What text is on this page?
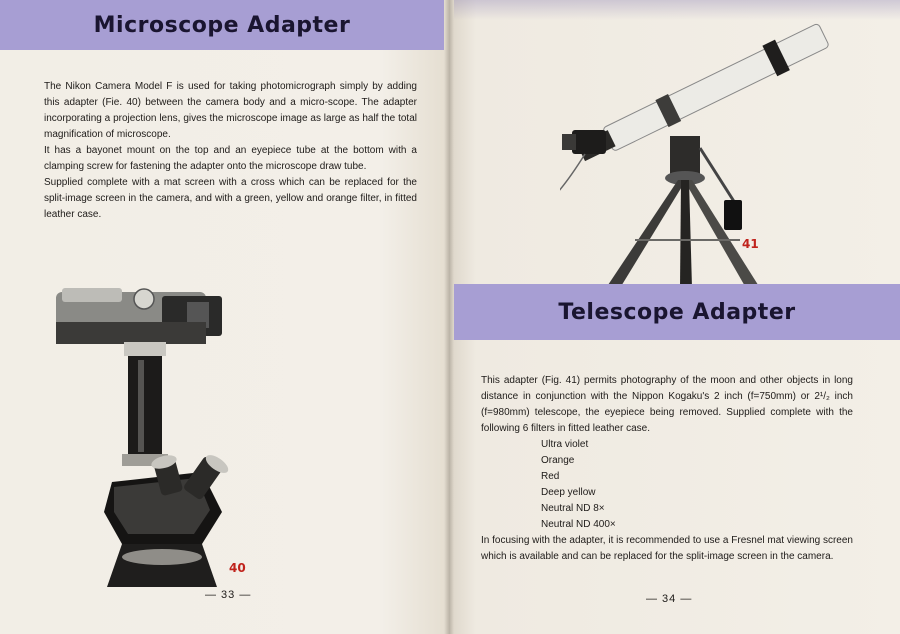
Microscope Adapter

The Nikon Camera Model F is used for taking photomicrograph simply by adding this adapter (Fie. 40) between the camera body and a micro-scope. The adapter incorporating a projection lens, gives the microscope image as large as half the total magnification of microscope.

It has a bayonet mount on the top and an eyepiece tube at the bottom with a clamping screw for fastening the adapter onto the microscope draw tube.

Supplied complete with a mat screen with a cross which can be replaced for the split-image screen in the camera, and with a green, yellow and orange filter, in fitted leather case.

40
— 33 —
41
Telescope Adapter

This adapter (Fig. 41) permits photography of the moon and other objects in long distance in conjunction with the Nippon Kogaku's 2 inch (f=750mm) or 2¹/₂ inch (f=980mm) telescope, the eyepiece being removed. Supplied complete with the following 6 filters in fitted leather case.

Ultra violet
Orange
Red
Deep yellow
Neutral ND 8×
Neutral ND 400×

In focusing with the adapter, it is recommended to use a Fresnel mat viewing screen which is available and can be replaced for the split-image screen in the camera.

— 34 —
